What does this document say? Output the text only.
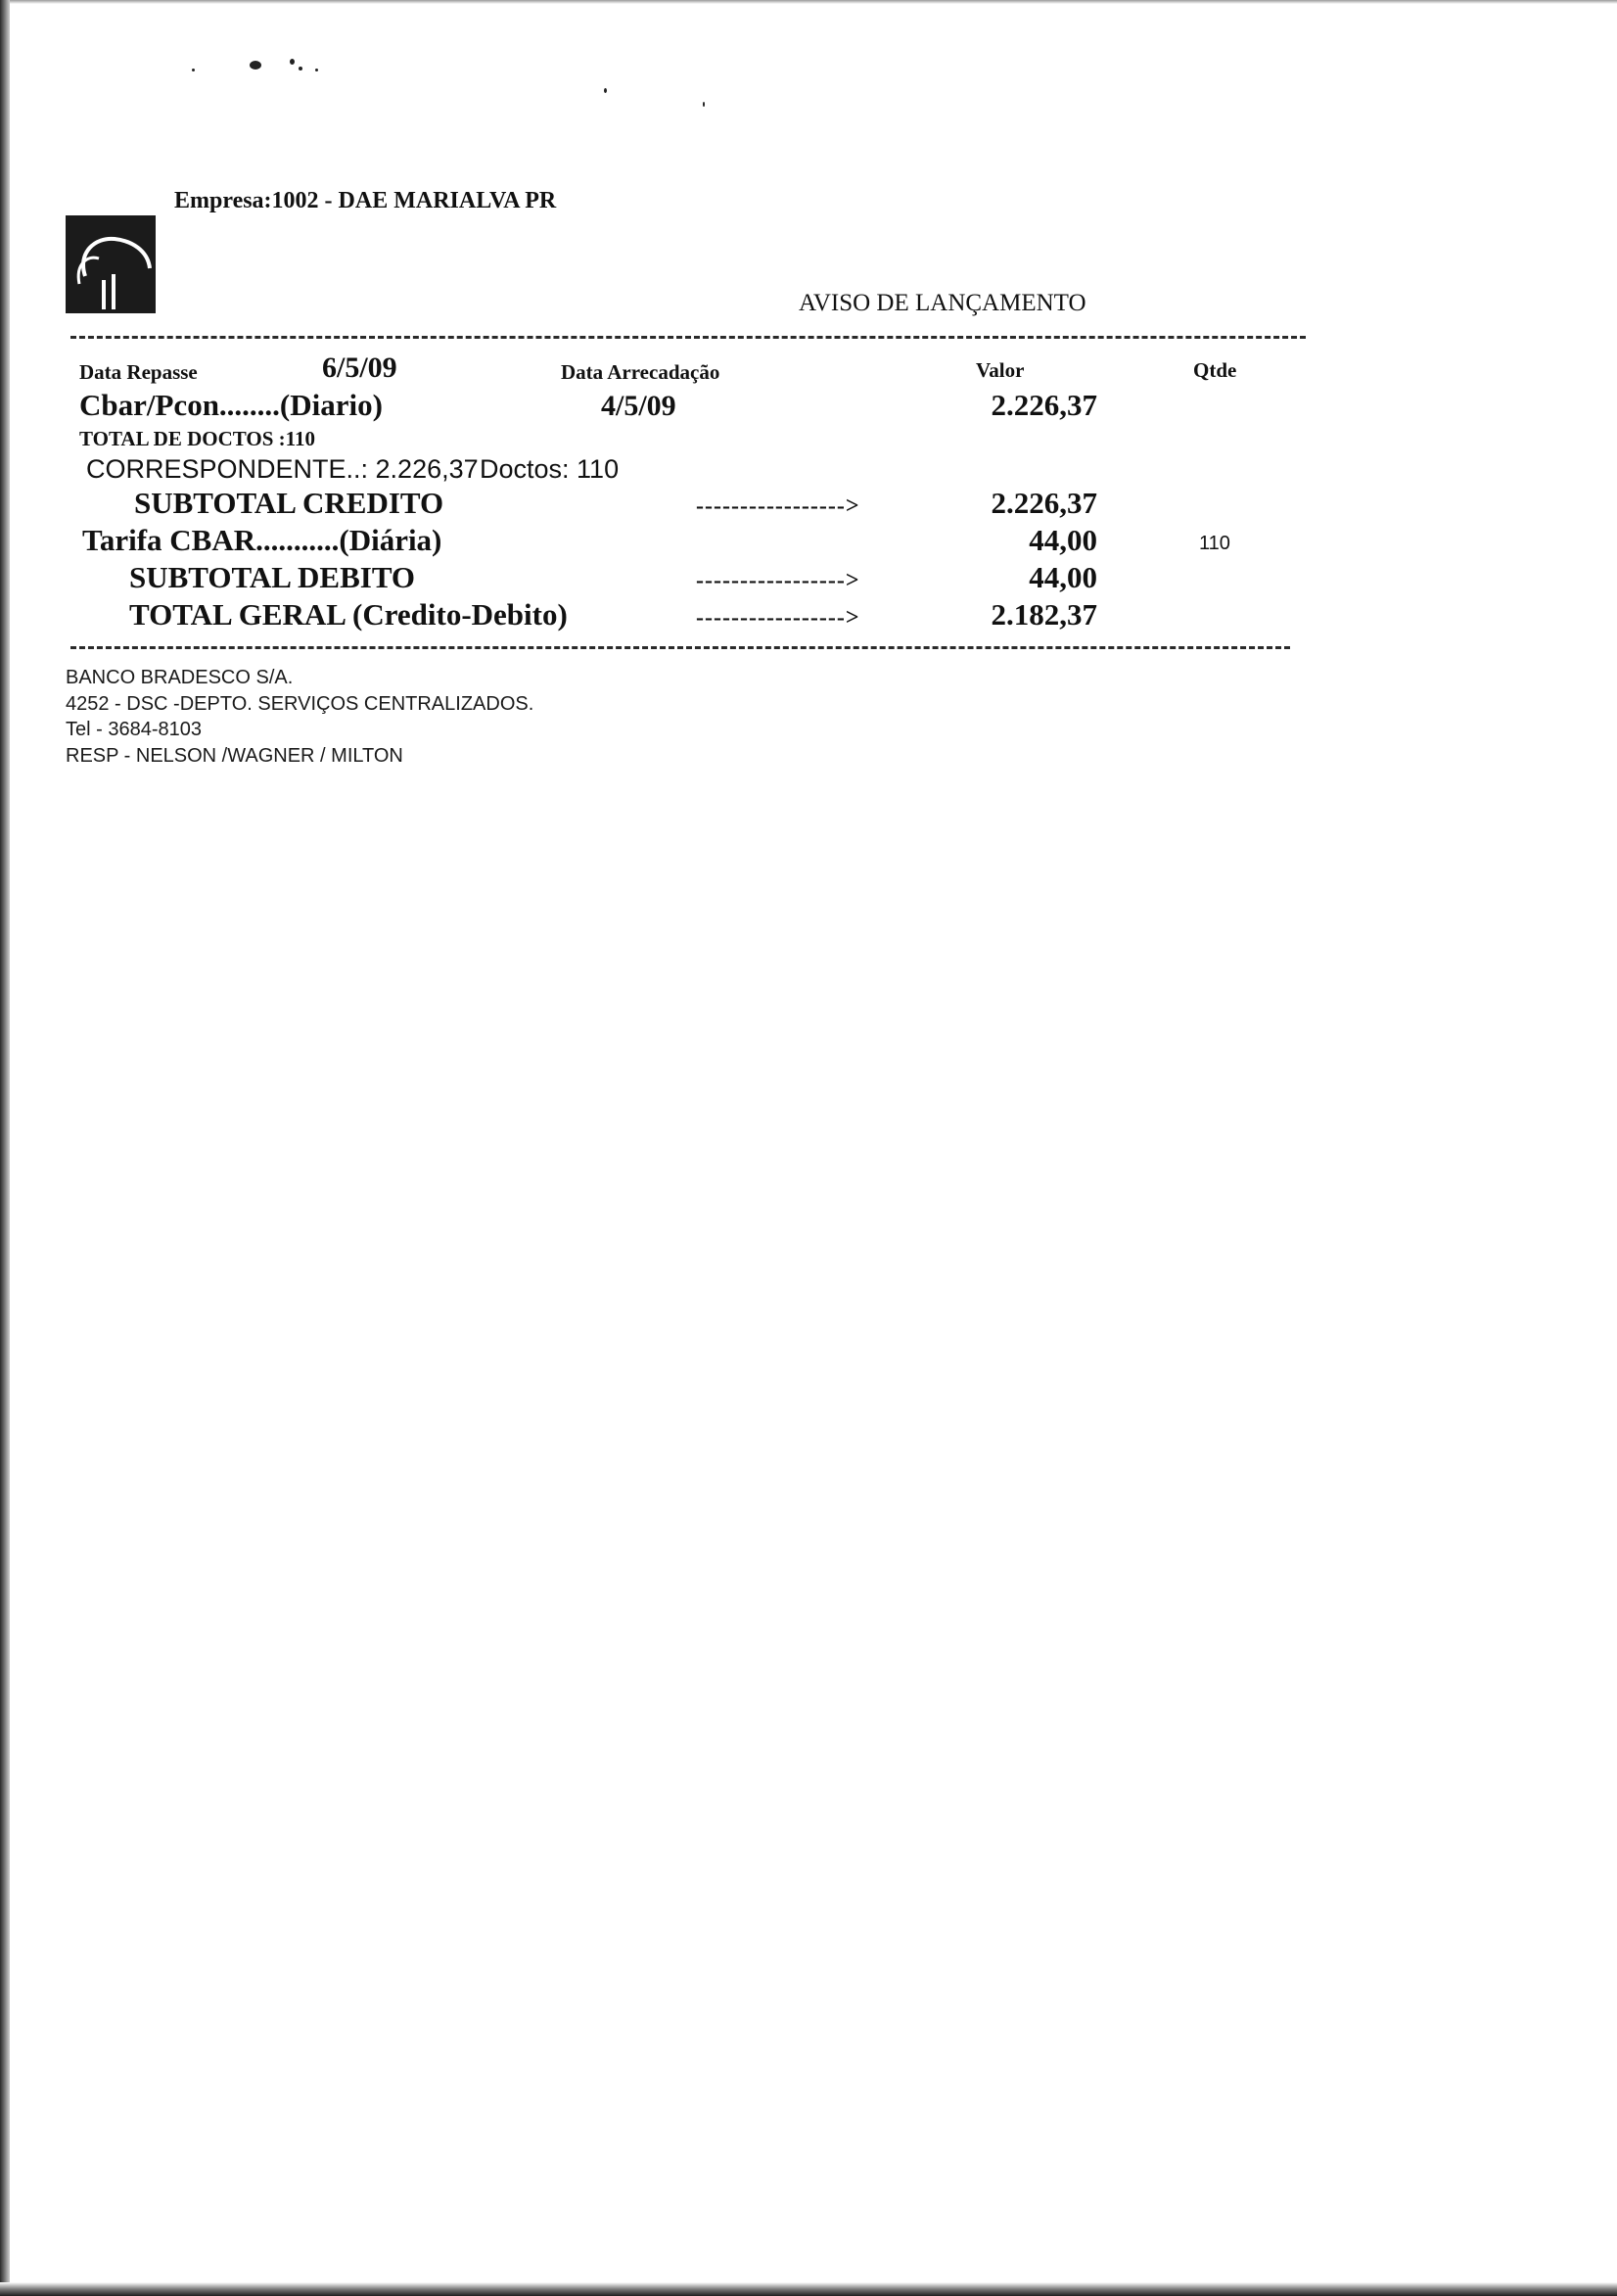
Empresa:1002 - DAE MARIALVA PR
AVISO DE LANÇAMENTO
Data Repasse	6/5/09	Data Arrecadação	Valor	Qtde
Cbar/Pcon........(Diario)	4/5/09	2.226,37
TOTAL DE DOCTOS :110
CORRESPONDENTE..: 2.226,37 Doctos: 110
SUBTOTAL CREDITO	----------------->	2.226,37
Tarifa CBAR...........(Diária)	44,00	110
SUBTOTAL DEBITO	----------------->	44,00
TOTAL GERAL (Credito-Debito)	----------------->	2.182,37
BANCO BRADESCO S/A.
4252 - DSC -DEPTO. SERVIÇOS CENTRALIZADOS.
Tel - 3684-8103
RESP - NELSON /WAGNER / MILTON
